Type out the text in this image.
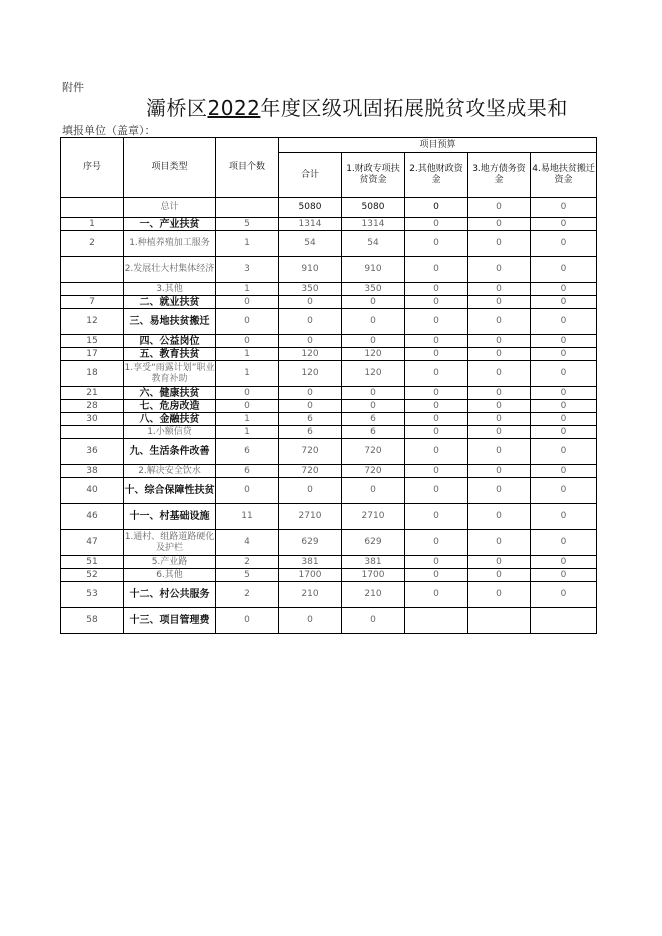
附件
灞桥区2022年度区级巩固拓展脱贫攻坚成果和
填报单位（盖章）：
序号	项目类型	项目个数	项目预算				
			合计	1.财政专项扶贫资金	2.其他财政资金	3.地方债务资金	4.易地扶贫搬迁资金
	总计		5080	5080	0	0	0
1	一、产业扶贫	5	1314	1314	0	0	0
2	1.种植养殖加工服务	1	54	54	0	0	0
	2.发展壮大村集体经济	3	910	910	0	0	0
	3.其他	1	350	350	0	0	0
7	二、就业扶贫	0	0	0	0	0	0
12	三、易地扶贫搬迁	0	0	0	0	0	0
15	四、公益岗位	0	0	0	0	0	0
17	五、教育扶贫	1	120	120	0	0	0
18	1.享受“雨露计划”职业教育补助	1	120	120	0	0	0
21	六、健康扶贫	0	0	0	0	0	0
28	七、危房改造	0	0	0	0	0	0
30	八、金融扶贫	1	6	6	0	0	0
	1.小额信贷	1	6	6	0	0	0
36	九、生活条件改善	6	720	720	0	0	0
38	2.解决安全饮水	6	720	720	0	0	0
40	十、综合保障性扶贫	0	0	0	0	0	0
46	十一、村基础设施	11	2710	2710	0	0	0
47	1.通村、组路道路硬化及护栏	4	629	629	0	0	0
51	5.产业路	2	381	381	0	0	0
52	6.其他	5	1700	1700	0	0	0
53	十二、村公共服务	2	210	210	0	0	0
58	十三、项目管理费	0	0	0			
